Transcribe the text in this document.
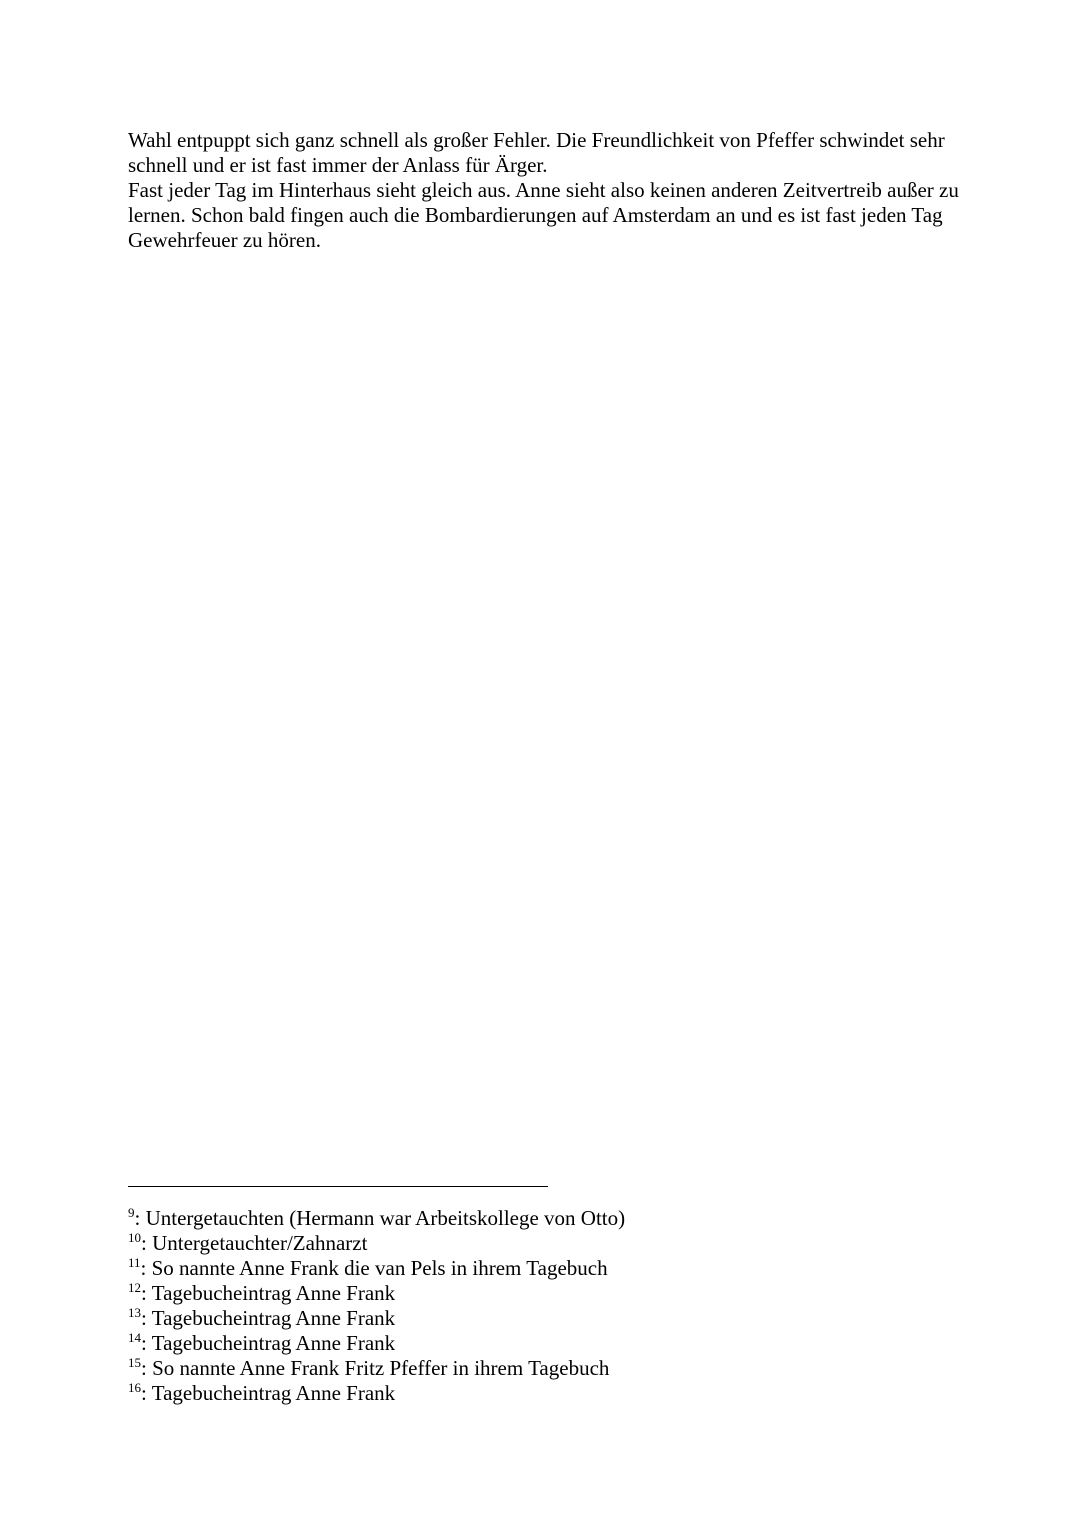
Wahl entpuppt sich ganz schnell als großer Fehler. Die Freundlichkeit von Pfeffer schwindet sehr schnell und er ist fast immer der Anlass für Ärger.

Fast jeder Tag im Hinterhaus sieht gleich aus. Anne sieht also keinen anderen Zeitvertreib außer zu lernen. Schon bald fingen auch die Bombardierungen auf Amsterdam an und es ist fast jeden Tag Gewehrfeuer zu hören.

$^9$: Untergetauchten (Hermann war Arbeitskollege von Otto)
$^{10}$: Untergetauchter/Zahnarzt
$^{11}$: So nannte Anne Frank die van Pels in ihrem Tagebuch
$^{12}$: Tagebucheintrag Anne Frank
$^{13}$: Tagebucheintrag Anne Frank
$^{14}$: Tagebucheintrag Anne Frank
$^{15}$: So nannte Anne Frank Fritz Pfeffer in ihrem Tagebuch
$^{16}$: Tagebucheintrag Anne Frank
